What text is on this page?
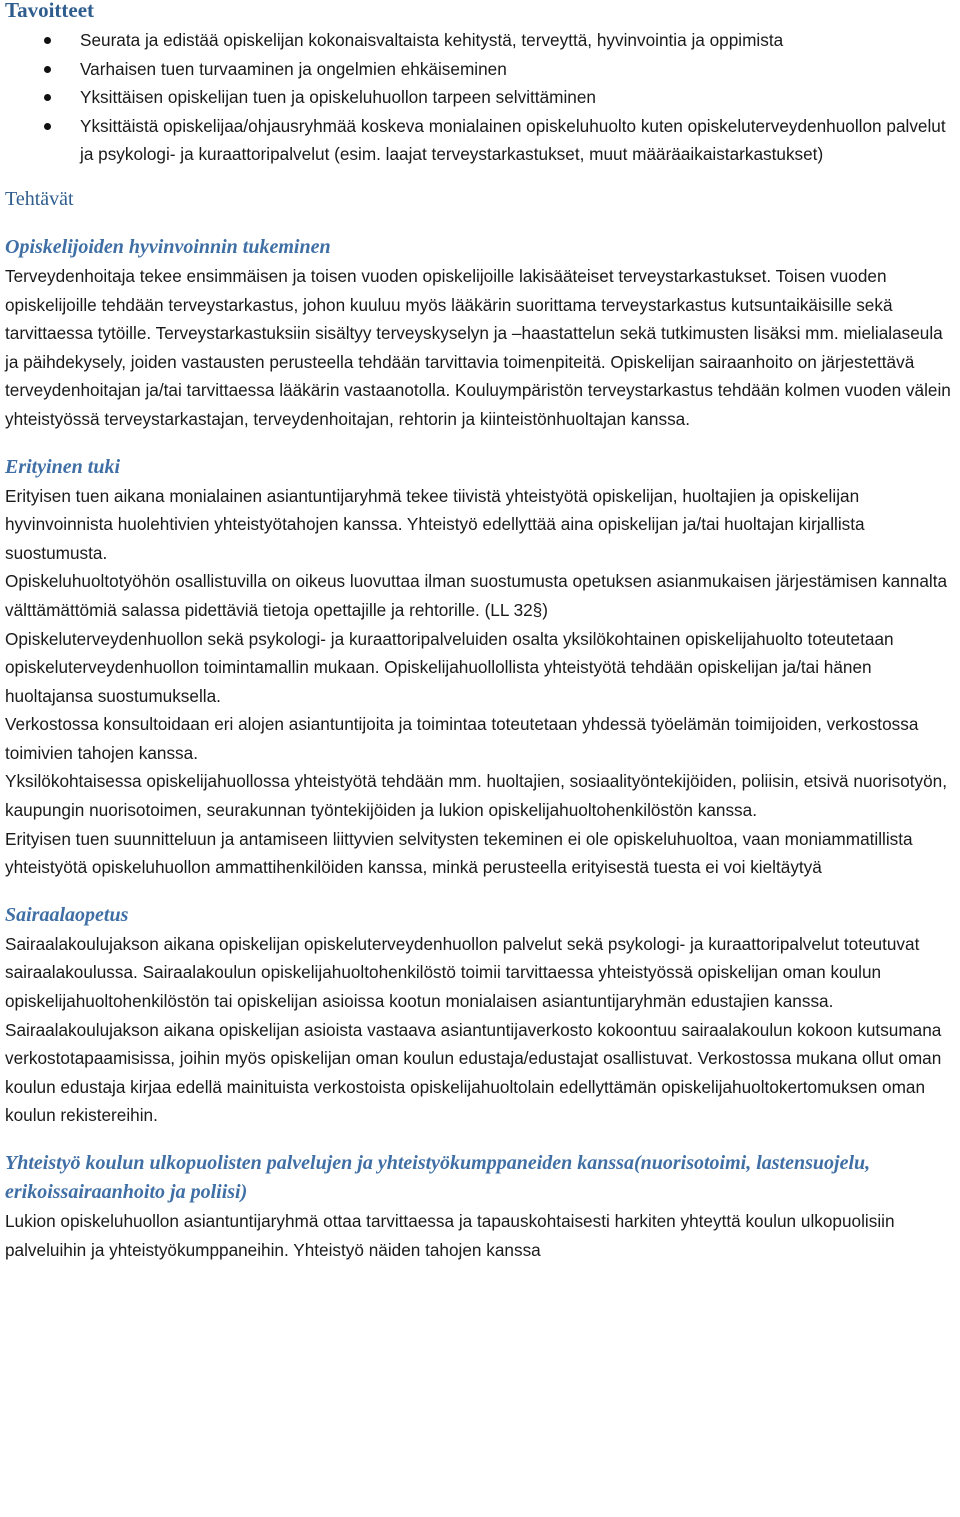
Tavoitteet
Seurata ja edistää opiskelijan kokonaisvaltaista kehitystä, terveyttä, hyvinvointia ja oppimista
Varhaisen tuen turvaaminen ja ongelmien ehkäiseminen
Yksittäisen opiskelijan tuen ja opiskeluhuollon tarpeen selvittäminen
Yksittäistä opiskelijaa/ohjausryhmää koskeva monialainen opiskeluhuolto kuten opiskeluterveydenhuollon palvelut ja psykologi- ja kuraattoripalvelut (esim. laajat terveystarkastukset, muut määräaikaistarkastukset)
Tehtävät
Opiskelijoiden hyvinvoinnin tukeminen

Terveydenhoitaja tekee ensimmäisen ja toisen vuoden opiskelijoille lakisääteiset terveystarkastukset. Toisen vuoden opiskelijoille tehdään terveystarkastus, johon kuuluu myös lääkärin suorittama terveystarkastus kutsuntaikäisille sekä tarvittaessa tytöille. Terveystarkastuksiin sisältyy terveyskyselyn ja –haastattelun sekä tutkimusten lisäksi mm. mielialaseula ja päihdekysely, joiden vastausten perusteella tehdään tarvittavia toimenpiteitä. Opiskelijan sairaanhoito on järjestettävä terveydenhoitajan ja/tai tarvittaessa lääkärin vastaanotolla. Kouluympäristön terveystarkastus tehdään kolmen vuoden välein yhteistyössä terveystarkastajan, terveydenhoitajan, rehtorin ja kiinteistönhuoltajan kanssa.

Erityinen tuki

Erityisen tuen aikana monialainen asiantuntijaryhmä tekee tiivistä yhteistyötä opiskelijan, huoltajien ja opiskelijan hyvinvoinnista huolehtivien yhteistyötahojen kanssa. Yhteistyö edellyttää aina opiskelijan ja/tai huoltajan kirjallista suostumusta.

Opiskeluhuoltotyöhön osallistuvilla on oikeus luovuttaa ilman suostumusta opetuksen asianmukaisen järjestämisen kannalta välttämättömiä salassa pidettäviä tietoja opettajille ja rehtorille. (LL 32§)

Opiskeluterveydenhuollon sekä psykologi- ja kuraattoripalveluiden osalta yksilökohtainen opiskelijahuolto toteutetaan opiskeluterveydenhuollon toimintamallin mukaan. Opiskelijahuollollista yhteistyötä tehdään opiskelijan ja/tai hänen huoltajansa suostumuksella.

Verkostossa konsultoidaan eri alojen asiantuntijoita ja toimintaa toteutetaan yhdessä työelämän toimijoiden, verkostossa toimivien tahojen kanssa.

Yksilökohtaisessa opiskelijahuollossa yhteistyötä tehdään mm. huoltajien, sosiaalityöntekijöiden, poliisin, etsivä nuorisotyön, kaupungin nuorisotoimen, seurakunnan työntekijöiden ja lukion opiskelijahuoltohenkilöstön kanssa.

Erityisen tuen suunnitteluun ja antamiseen liittyvien selvitysten tekeminen ei ole opiskeluhuoltoa, vaan moniammatillista yhteistyötä opiskeluhuollon ammattihenkilöiden kanssa, minkä perusteella erityisestä tuesta ei voi kieltäytyä

Sairaalaopetus

Sairaalakoulujakson aikana opiskelijan opiskeluterveydenhuollon palvelut sekä psykologi- ja kuraattoripalvelut toteutuvat sairaalakoulussa. Sairaalakoulun opiskelijahuoltohenkilöstö toimii tarvittaessa yhteistyössä opiskelijan oman koulun opiskelijahuoltohenkilöstön tai opiskelijan asioissa kootun monialaisen asiantuntijaryhmän edustajien kanssa. Sairaalakoulujakson aikana opiskelijan asioista vastaava asiantuntijaverkosto kokoontuu sairaalakoulun kokoon kutsumana verkostotapaamisissa, joihin myös opiskelijan oman koulun edustaja/edustajat osallistuvat. Verkostossa mukana ollut oman koulun edustaja kirjaa edellä mainituista verkostoista opiskelijahuoltolain edellyttämän opiskelijahuoltokertomuksen oman koulun rekistereihin.

Yhteistyö koulun ulkopuolisten palvelujen ja yhteistyökumppaneiden kanssa(nuorisotoimi, lastensuojelu, erikoissairaanhoito ja poliisi)

Lukion opiskeluhuollon asiantuntijaryhmä ottaa tarvittaessa ja tapauskohtaisesti harkiten yhteyttä koulun ulkopuolisiin palveluihin ja yhteistyökumppaneihin. Yhteistyö näiden tahojen kanssa
